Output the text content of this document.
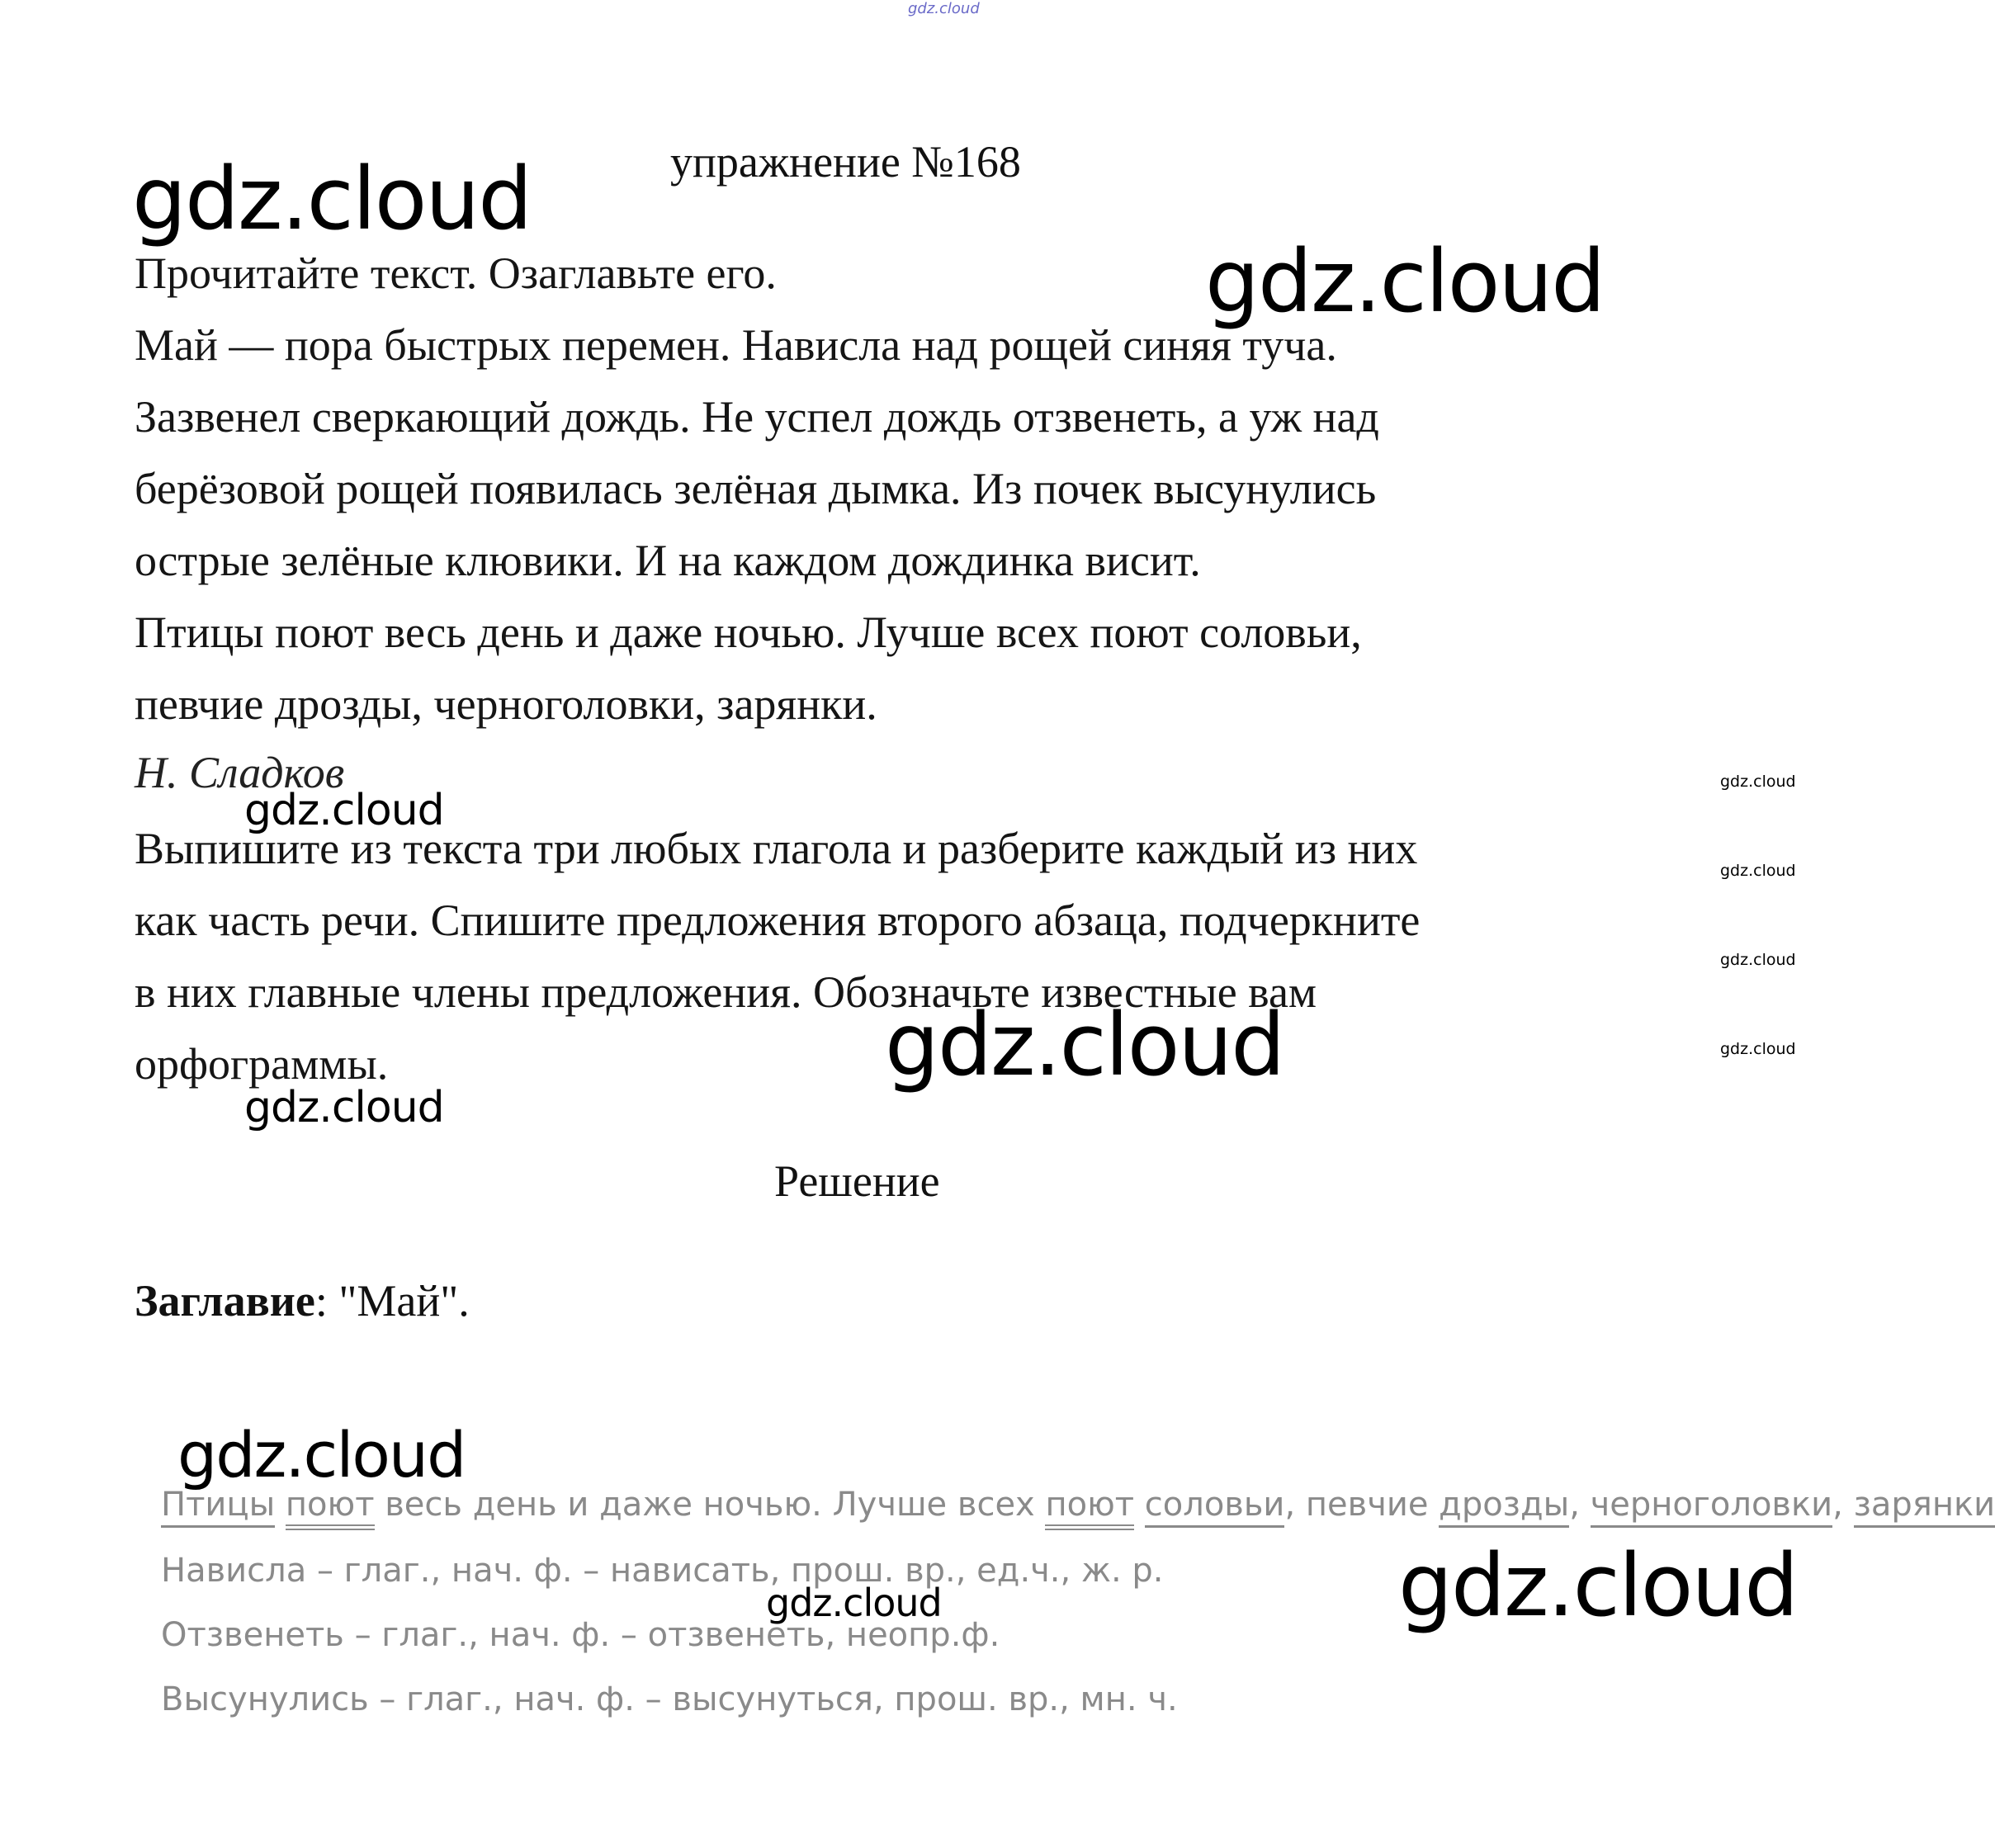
gdz.cloud
упражнение №168
Прочитайте текст. Озаглавьте его.
Май — пора быстрых перемен. Нависла над рощей синяя туча.
Зазвенел сверкающий дождь. Не успел дождь отзвенеть, а уж над
берёзовой рощей появилась зелёная дымка. Из почек высунулись
острые зелёные клювики. И на каждом дождинка висит.
Птицы поют весь день и даже ночью. Лучше всех поют соловьи,
певчие дрозды, черноголовки, зарянки.
Н. Сладков
Выпишите из текста три любых глагола и разберите каждый из них
как часть речи. Спишите предложения второго абзаца, подчеркните
в них главные члены предложения. Обозначьте известные вам
орфограммы.
Решение
Заглавие: "Май".
Птицы поют весь день и даже ночью. Лучше всех поют соловьи, певчие дрозды, черноголовки, зарянки
Нависла – глаг., нач. ф. – нависать, прош. вр., ед.ч., ж. р.
Отзвенеть – глаг., нач. ф. – отзвенеть, неопр.ф.
Высунулись – глаг., нач. ф. – высунуться, прош. вр., мн. ч.
gdz.cloud
gdz.cloud
gdz.cloud
gdz.cloud
gdz.cloud
gdz.cloud
gdz.cloud
gdz.cloud
gdz.cloud
gdz.cloud
gdz.cloud
gdz.cloud
